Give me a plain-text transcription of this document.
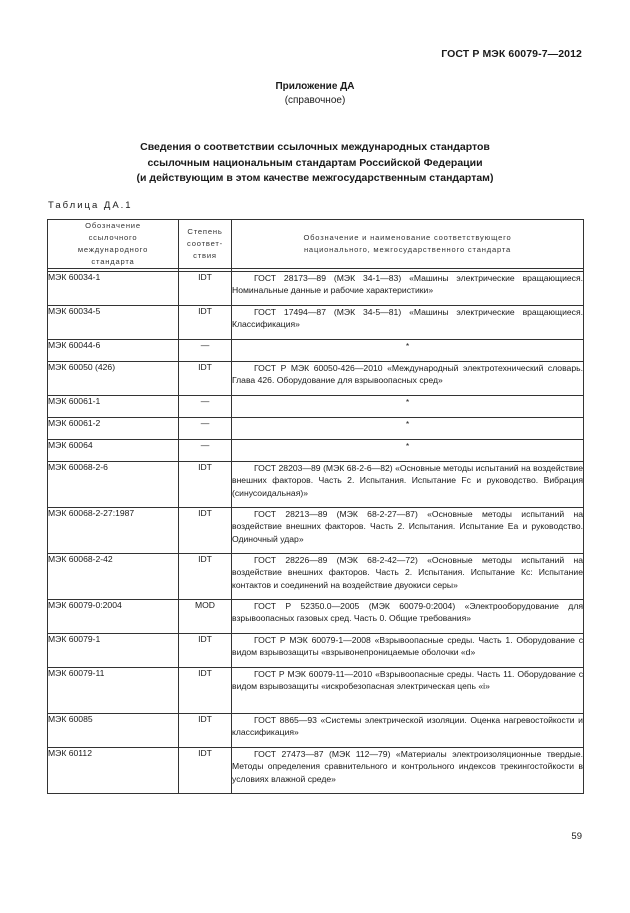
ГОСТ Р МЭК 60079-7—2012
Приложение ДА
(справочное)
Сведения о соответствии ссылочных международных стандартов
ссылочным национальным стандартам Российской Федерации
(и действующим в этом качестве межгосударственным стандартам)
Таблица ДА.1
Обозначение ссылочного международного стандарта	Степень соответ-ствия	Обозначение и наименование соответствующего национального, межгосударственного стандарта

МЭК 60034-1	IDT	ГОСТ 28173—89 (МЭК 34-1—83) «Машины электрические вращающиеся. Номинальные данные и рабочие характеристики»

МЭК 60034-5	IDT	ГОСТ 17494—87 (МЭК 34-5—81) «Машины электрические вращающиеся. Классификация»

МЭК 60044-6	—	*
МЭК 60050 (426)	IDT	ГОСТ Р МЭК 60050-426—2010 «Международный электротехнический словарь. Глава 426. Оборудование для взрывоопасных сред»

МЭК 60061-1	—	*
МЭК 60061-2	—	*
МЭК 60064	—	*
МЭК 60068-2-6	IDT	ГОСТ 28203—89 (МЭК 68-2-6—82) «Основные методы испытаний на воздействие внешних факторов. Часть 2. Испытания. Испытание Fc и руководство. Вибрация (синусоидальная)»

МЭК 60068-2-27:1987	IDT	ГОСТ 28213—89 (МЭК 68-2-27—87) «Основные методы испытаний на воздействие внешних факторов. Часть 2. Испытания. Испытание Ea и руководство. Одиночный удар»

МЭК 60068-2-42	IDT	ГОСТ 28226—89 (МЭК 68-2-42—72) «Основные методы испытаний на воздействие внешних факторов. Часть 2. Испытания. Испытание Кс: Испытание контактов и соединений на воздействие двуокиси серы»

МЭК 60079-0:2004	MOD	ГОСТ Р 52350.0—2005 (МЭК 60079-0:2004) «Электрооборудование для взрывоопасных газовых сред. Часть 0. Общие требования»

МЭК 60079-1	IDT	ГОСТ Р МЭК 60079-1—2008 «Взрывоопасные среды. Часть 1. Оборудование с видом взрывозащиты «взрывонепроницаемые оболочки «d»

МЭК 60079-11	IDT	ГОСТ Р МЭК 60079-11—2010 «Взрывоопасные среды. Часть 11. Оборудование с видом взрывозащиты «искробезопасная электрическая цепь «i»

МЭК 60085	IDT	ГОСТ 8865—93 «Системы электрической изоляции. Оценка нагревостойкости и классификация»

МЭК 60112	IDT	ГОСТ 27473—87 (МЭК 112—79) «Материалы электроизоляционные твердые. Методы определения сравнительного и контрольного индексов трекингостойкости в условиях влажной среде»
59
